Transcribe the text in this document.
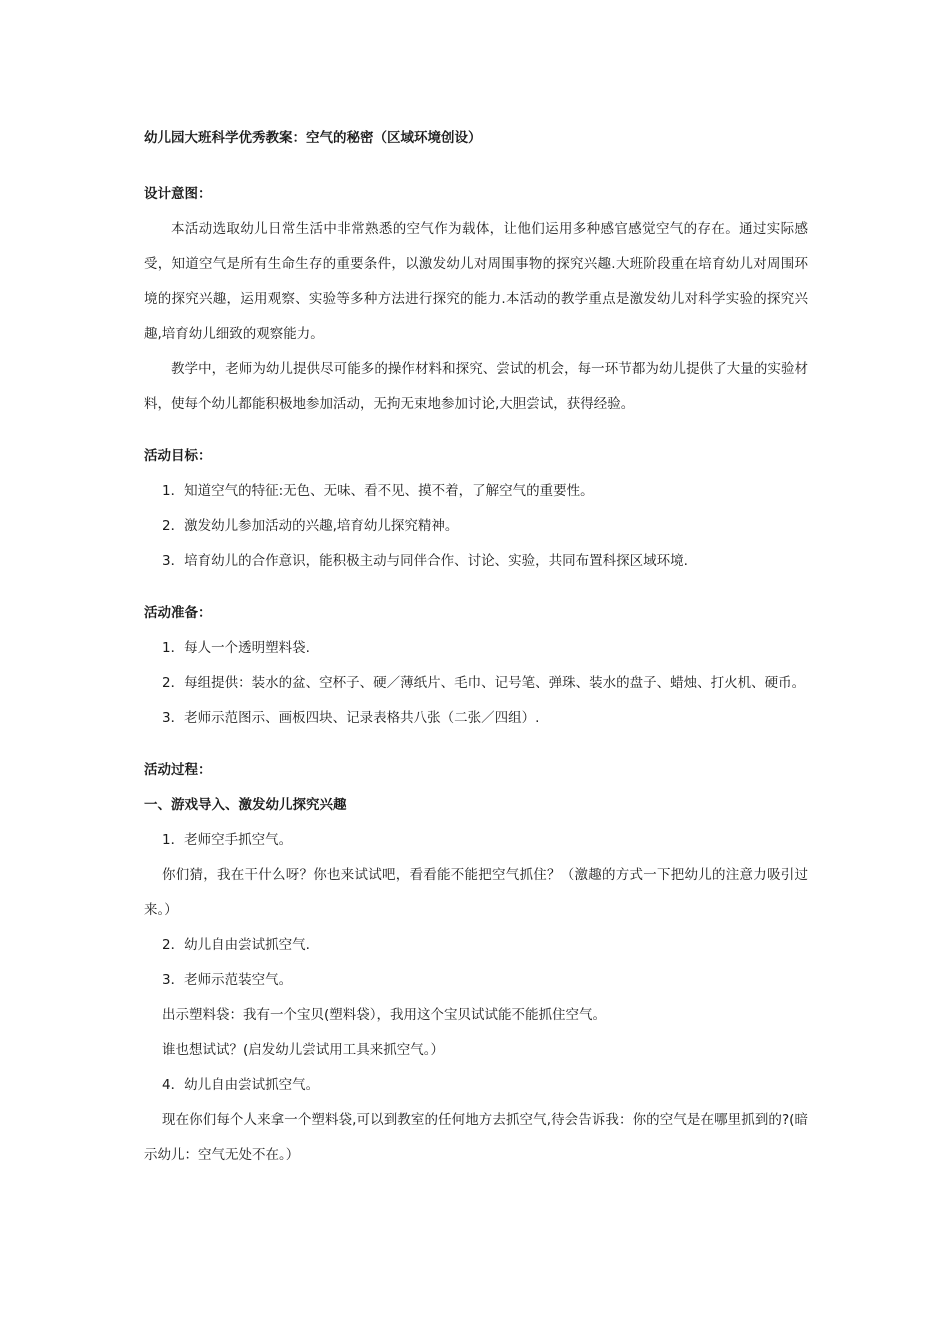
幼儿园大班科学优秀教案：空气的秘密（区域环境创设）

设计意图：

本活动选取幼儿日常生活中非常熟悉的空气作为载体，让他们运用多种感官感觉空气的存在。通过实际感受，知道空气是所有生命生存的重要条件，以激发幼儿对周围事物的探究兴趣.大班阶段重在培育幼儿对周围环境的探究兴趣，运用观察、实验等多种方法进行探究的能力.本活动的教学重点是激发幼儿对科学实验的探究兴趣,培育幼儿细致的观察能力。

教学中，老师为幼儿提供尽可能多的操作材料和探究、尝试的机会，每一环节都为幼儿提供了大量的实验材料，使每个幼儿都能积极地参加活动，无拘无束地参加讨论,大胆尝试，获得经验。

活动目标：

1．知道空气的特征:无色、无味、看不见、摸不着，了解空气的重要性。

2．激发幼儿参加活动的兴趣,培育幼儿探究精神。

3．培育幼儿的合作意识，能积极主动与同伴合作、讨论、实验，共同布置科探区域环境.

活动准备：

1．每人一个透明塑料袋.

2．每组提供：装水的盆、空杯子、硬／薄纸片、毛巾、记号笔、弹珠、装水的盘子、蜡烛、打火机、硬币。

3．老师示范图示、画板四块、记录表格共八张（二张／四组）.

活动过程：

一、游戏导入、激发幼儿探究兴趣

1．老师空手抓空气。

你们猜，我在干什么呀？你也来试试吧，看看能不能把空气抓住？（激趣的方式一下把幼儿的注意力吸引过来。）

2．幼儿自由尝试抓空气.

3．老师示范装空气。

出示塑料袋：我有一个宝贝(塑料袋），我用这个宝贝试试能不能抓住空气。

谁也想试试？(启发幼儿尝试用工具来抓空气。）

4．幼儿自由尝试抓空气。

现在你们每个人来拿一个塑料袋,可以到教室的任何地方去抓空气,待会告诉我：你的空气是在哪里抓到的?(暗示幼儿：空气无处不在。）
